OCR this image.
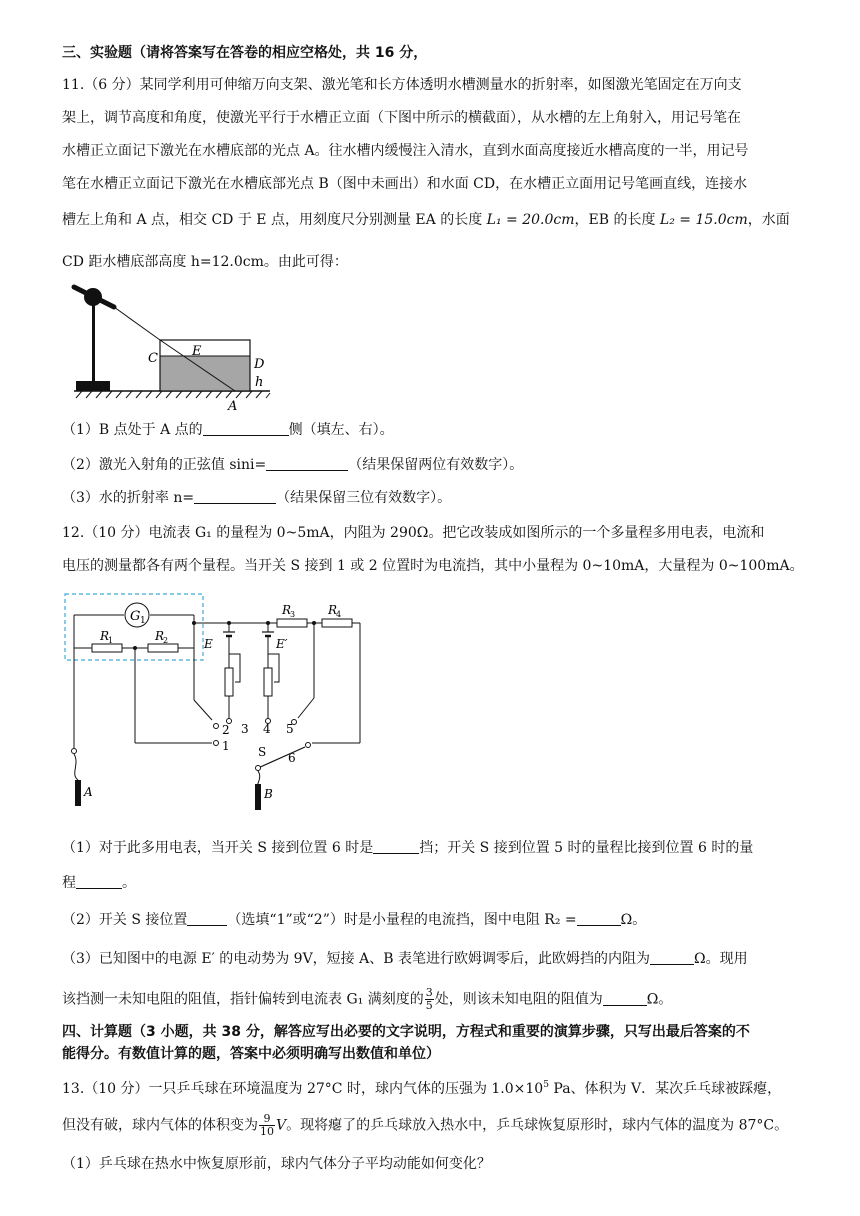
三、实验题（请将答案写在答卷的相应空格处，共 16 分，
11.（6 分）某同学利用可伸缩万向支架、激光笔和长方体透明水槽测量水的折射率，如图激光笔固定在万向支
架上，调节高度和角度，使激光平行于水槽正立面（下图中所示的横截面），从水槽的左上角射入，用记号笔在
水槽正立面记下激光在水槽底部的光点 A。往水槽内缓慢注入清水，直到水面高度接近水槽高度的一半，用记号
笔在水槽正立面记下激光在水槽底部光点 B（图中未画出）和水面 CD，在水槽正立面用记号笔画直线，连接水
槽左上角和 A 点，相交 CD 于 E 点，用刻度尺分别测量 EA 的长度 L₁ = 20.0cm，EB 的长度 L₂ = 15.0cm，水面
CD 距水槽底部高度 h=12.0cm。由此可得：
C	D
E
h
A
（1）B 点处于 A 点的	侧（填左、右）。
（2）激光入射角的正弦值 sini=	（结果保留两位有效数字）。
（3）水的折射率 n=	（结果保留三位有效数字）。
12.（10 分）电流表 G₁ 的量程为 0~5mA，内阻为 290Ω。把它改装成如图所示的一个多量程多用电表，电流和
电压的测量都各有两个量程。当开关 S 接到 1 或 2 位置时为电流挡，其中小量程为 0~10mA，大量程为 0~100mA。
G 1
R
1	R
2
A
1
2
E
3
E′
4
R
3	R
4
5
6
S
B
（1）对于此多用电表，当开关 S 接到位置 6 时是	挡；开关 S 接到位置 5 时的量程比接到位置 6 时的量
程	。
（2）开关 S 接位置	（选填“1”或“2”）时是小量程的电流挡，图中电阻 R₂ =	Ω。
（3）已知图中的电源 E′ 的电动势为 9V，短接 A、B 表笔进行欧姆调零后，此欧姆挡的内阻为	Ω。现用
该挡测一未知电阻的阻值，指针偏转到电流表 G₁ 满刻度的 $\frac{3}{5}$ 处，则该未知电阻的阻值为	Ω。
四、计算题（3 小题，共 38 分，解答应写出必要的文字说明，方程式和重要的演算步骤，只写出最后答案的不
能得分。有数值计算的题，答案中必须明确写出数值和单位）
13.（10 分）一只乒乓球在环境温度为 27°C 时，球内气体的压强为 $1.0\times 10^5$ Pa、体积为 V．某次乒乓球被踩瘪，
但没有破，球内气体的体积变为 $\frac{9}{10}$ V。现将瘪了的乒乓球放入热水中，乒乓球恢复原形时，球内气体的温度为 87°C。
（1）乒乓球在热水中恢复原形前，球内气体分子平均动能如何变化？
